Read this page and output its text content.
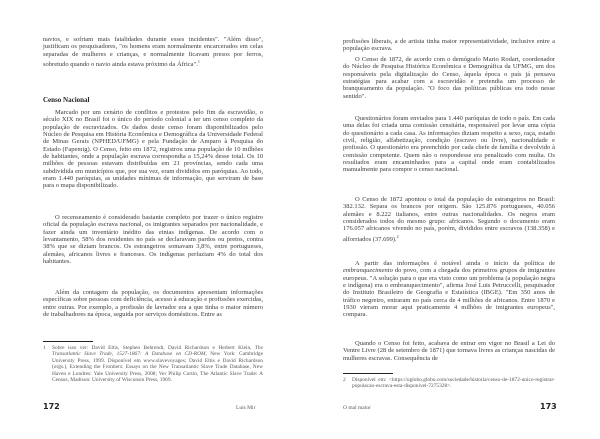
navios, e sofriam mais fatalidades durante esses incidentes". "Além disso", justificam os pesquisadores, "os homens eram normalmente encarcerados em celas separadas de mulheres e crianças, e normalmente ficavam presos por ferros, sobretudo quando o navio ainda estava próximo da África".$^1$

Censo Nacional

Marcado por um cenário de conflitos e protestos pelo fim da escravidão, o século XIX no Brasil foi o único do período colonial a ter um censo completo da população de escravizados. Os dados deste censo foram disponibilizados pelo Núcleo de Pesquisa em História Econômica e Demográfica da Universidade Federal de Minas Gerais (NPHED/UFMG) e pela Fundação de Amparo à Pesquisa do Estado (Fapemig). O Censo, feito em 1872, registrou uma população de 10 milhões de habitantes, onde a população escrava correspondia a 15,24% desse total. Os 10 milhões de pessoas estavam distribuídas em 21 províncias, sendo cada uma subdividida em municípios que, por sua vez, eram divididos em paróquias. Ao todo, eram 1.440 paróquias, as unidades mínimas de informação, que serviram de base para o mapa disponibilizado.

O recenseamento é considerado bastante completo por trazer o único registro oficial da população escrava nacional, os imigrantes separados por nacionalidade, e fazer ainda um inventário inédito das etnias indígenas. De acordo com o levantamento, 58% dos residentes no país se declaravam pardos ou pretos, contra 38% que se diziam brancos. Os estrangeiros somavam 3,8%, entre portugueses, alemães, africanos livres e franceses. Os indígenas perfaziam 4% do total dos habitantes.

Além da contagem da população, os documentos apresentam informações específicas sobre pessoas com deficiência, acesso à educação e profissões exercidas, entre outras. Por exemplo, a profissão de lavrador era a que tinha o maior número de trabalhadores na época, seguida por serviços domésticos. Entre as

1 Sobre isso ver: David Eltis, Stephen Behrendt, David Richardson e Herbert Klein, The Transatlantic Slave Trade, 1527-1867: A Database on CD-ROM, New York: Cambridge University Press, 1999. Disponível em www.slavevoyages; David Eltis e David Richardson (orgs.), Extending the Frontiers: Essays on the New Transatlantic Slave Trade Database, New Haven e Londres: Yale University Press, 2008; Ver Philip Curtin, The Atlantic Slave Trade: A Census, Madison: University of Wisconsin Press, 1969.
172	Luis Mir

profissões liberais, a de artista tinha maior representatividade, inclusive entre a população escrava.

O Censo de 1872, de acordo com o demógrafo Mario Rodart, coordenador do Núcleo de Pesquisa Histórica Econômica e Demográfica da UFMG, um dos responsáveis pela digitalização do Censo, àquela época o país já pensava estratégias para acabar com a escravidão e pretendia um processo de branqueamento da população. "O foco das políticas públicas era todo nesse sentido".

Questionários foram enviados para 1.440 paróquias de todo o país. Em cada uma delas foi criada uma comissão censitária, responsável por levar uma cópia do questionário a cada casa. As informações diziam respeito a sexo, raça, estado civil, religião, alfabetização, condição (escravo ou livre), nacionalidade e profissão. O questionário era preenchido por cada chefe de família e devolvido à comissão competente. Quem não o respondesse era penalizado com multa. Os resultados eram encaminhados para a capital onde eram contabilizados manualmente para compor o censo nacional.

O Censo de 1872 apontou o total da população de estrangeiros no Brasil: 382.132. Separa os brancos por origem. São 125.876 portugueses, 40.056 alemães e 8.222 italianos, entre outras nacionalidades. Os negros eram considerados todos do mesmo grupo: africanos. Segundo o documento eram 176.057 africanos vivendo no país, porém, divididos entre escravos (138.358) e alforriados (37.699).$^2$

A partir das informações é notável ainda o início da política de embranquecimento do povo, com a chegada dos primeiros grupos de imigrantes europeus. "A solução para o que era visto como um problema (a população negra e indígena) era o embranquecimento", afirma José Luis Petruccelli, pesquisador do Instituto Brasileiro de Geografia e Estatística (IBGE). "Em 350 anos de tráfico negreiro, entraram no país cerca de 4 milhões de africanos. Entre 1870 e 1930 vieram morar aqui praticamente 4 milhões de imigrantes europeus", compara.

Quando o Censo foi feito, acabava de entrar em vigor no Brasil a Lei do Ventre Livre (28 de setembro de 1871) que tornava livres as crianças nascidas de mulheres escravas. Consequência de

2 Disponível em: <https://oglobo.globo.com/sociedade/historia/censo-de-1872-unico-registrar-populacao-escrava-esta-disponivel-7275328>.
O mal maior	173
